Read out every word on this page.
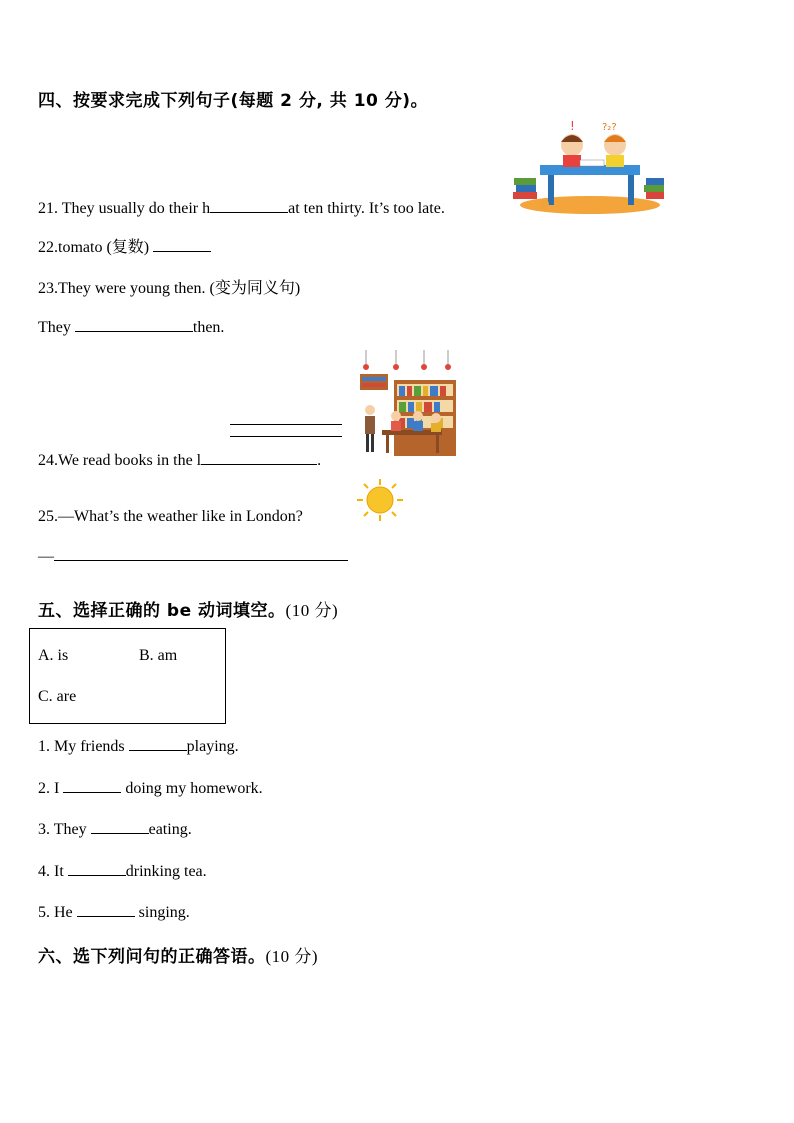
四、按要求完成下列句子(每题 2 分, 共 10 分)。
!	?₂?
21. They usually do their h	at ten thirty. It’s too late.
22.tomato (复数)
23.They were young then. (变为同义句)
They	then.
24.We read books in the l	.
25.—What’s the weather like in London?
—
五、选择正确的 be 动词填空。(10 分)
A. is	B. am
C. are
1. My friends	playing.
2. I	doing my homework.
3. They	eating.
4. It	drinking tea.
5. He	singing.
六、选下列问句的正确答语。(10 分)
